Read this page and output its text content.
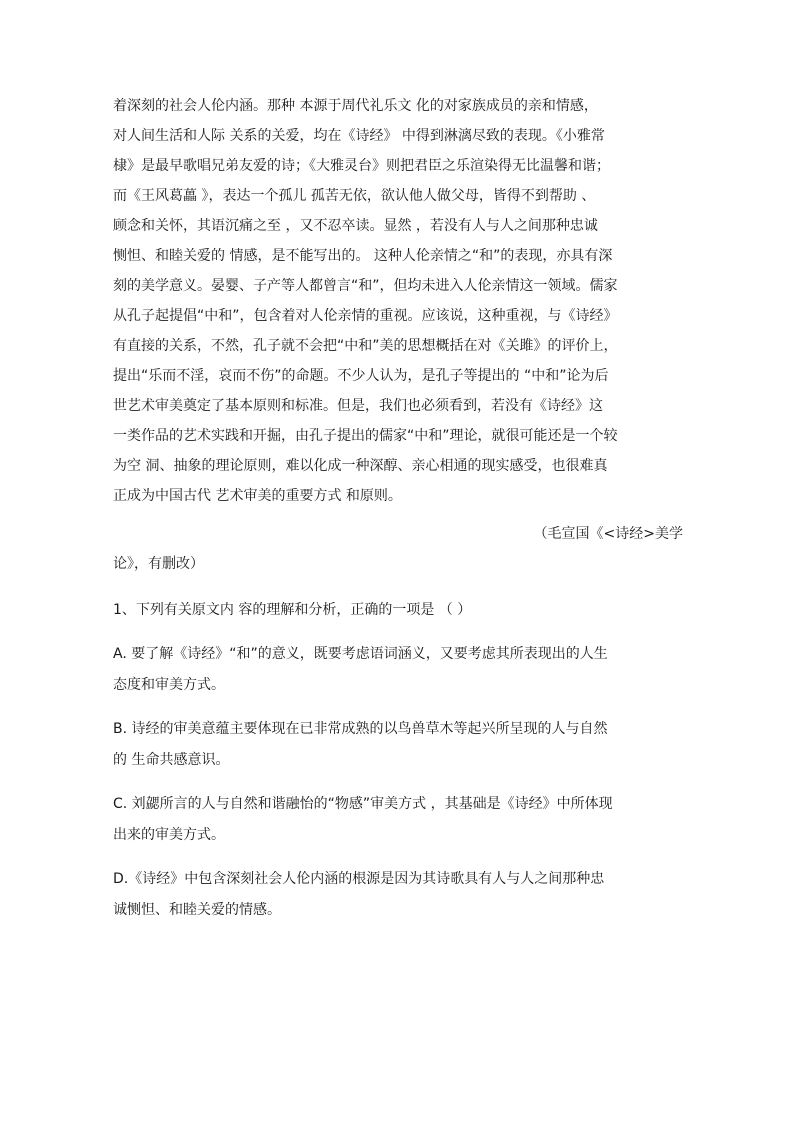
着深刻的社会人伦内涵。那种 本源于周代礼乐文 化的对家族成员的亲和情感，
对人间生活和人际 关系的关爱，均在《诗经》 中得到淋漓尽致的表现。《小雅常
棣》是最早歌唱兄弟友爱的诗；《大雅灵台》则把君臣之乐渲染得无比温馨和谐；
而《王风葛藟 》，表达一个孤儿 孤苦无依，欲认他人做父母，皆得不到帮助 、
顾念和关怀，其语沉痛之至 ，又不忍卒读。显然 ，若没有人与人之间那种忠诚
恻怛、和睦关爱的 情感，是不能写出的。 这种人伦亲情之“和”的表现，亦具有深
刻的美学意义。晏婴、子产等人都曾言“和”，但均未进入人伦亲情这一领域。儒家
从孔子起提倡“中和”，包含着对人伦亲情的重视。应该说，这种重视，与《诗经》
有直接的关系，不然，孔子就不会把“中和”美的思想概括在对《关雎》的评价上，
提出“乐而不淫，哀而不伤”的命题。不少人认为，是孔子等提出的 “中和”论为后
世艺术审美奠定了基本原则和标准。但是，我们也必须看到，若没有《诗经》这
一类作品的艺术实践和开掘，由孔子提出的儒家“中和”理论，就很可能还是一个较
为空 洞、抽象的理论原则，难以化成一种深醇、亲心相通的现实感受，也很难真
正成为中国古代 艺术审美的重要方式 和原则。
（毛宣国《<诗经>美学
论》，有删改）
1、下列有关原文内 容的理解和分析，正确的一项是 （ ）
A. 要了解《诗经》“和”的意义，既要考虑语词涵义，又要考虑其所表现出的人生
态度和审美方式。
B. 诗经的审美意蕴主要体现在已非常成熟的以鸟兽草木等起兴所呈现的人与自然
的 生命共感意识。
C. 刘勰所言的人与自然和谐融怡的“物感”审美方式 ，其基础是《诗经》中所体现
出来的审美方式。
D.《诗经》中包含深刻社会人伦内涵的根源是因为其诗歌具有人与人之间那种忠
诚恻怛、和睦关爱的情感。
